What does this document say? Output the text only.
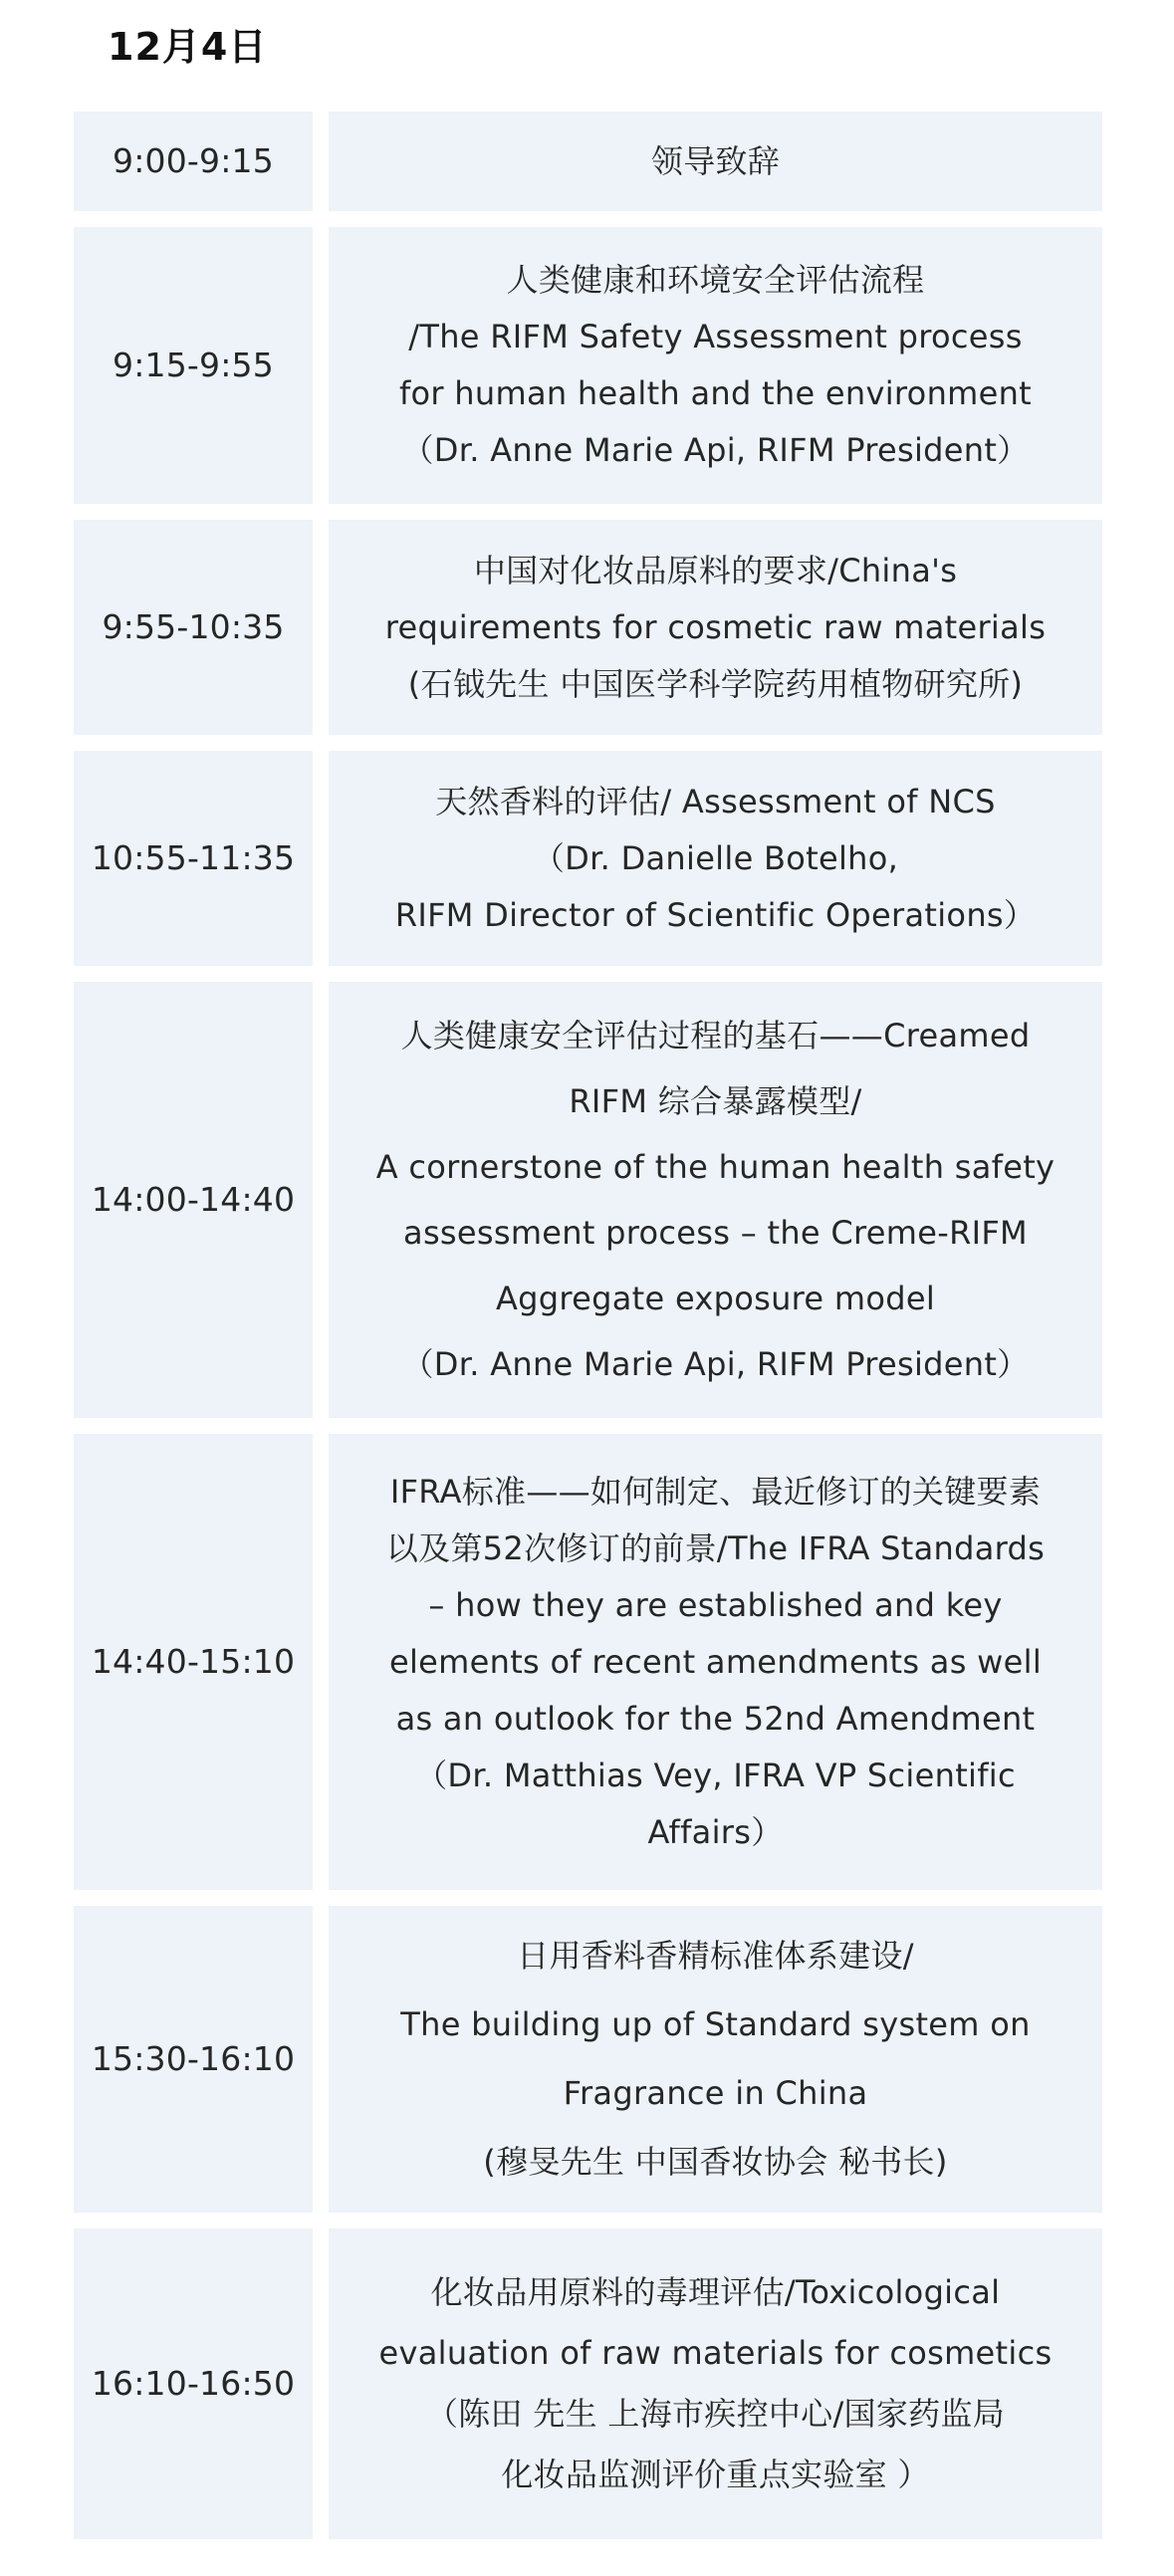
12月4日
9:00-9:15	领导致辞
9:15-9:55
人类健康和环境安全评估流程
/The RIFM Safety Assessment process
for human health and the environment
（Dr. Anne Marie Api, RIFM President）
9:55-10:35
中国对化妆品原料的要求/China's
requirements for cosmetic raw materials
(石钺先生 中国医学科学院药用植物研究所)
10:55-11:35
天然香料的评估/ Assessment of NCS
（Dr. Danielle Botelho,
RIFM Director of Scientific Operations）
14:00-14:40
人类健康安全评估过程的基石——Creamed
RIFM 综合暴露模型/
A cornerstone of the human health safety
assessment process – the Creme-RIFM
Aggregate exposure model
（Dr. Anne Marie Api, RIFM President）
14:40-15:10
IFRA标准——如何制定、最近修订的关键要素
以及第52次修订的前景/The IFRA Standards
– how they are established and key
elements of recent amendments as well
as an outlook for the 52nd Amendment
（Dr. Matthias Vey, IFRA VP Scientific
Affairs）
15:30-16:10
日用香料香精标准体系建设/
The building up of Standard system on
Fragrance in China
(穆旻先生 中国香妆协会 秘书长)
16:10-16:50
化妆品用原料的毒理评估/Toxicological
evaluation of raw materials for cosmetics
（陈田 先生 上海市疾控中心/国家药监局
化妆品监测评价重点实验室 ）
